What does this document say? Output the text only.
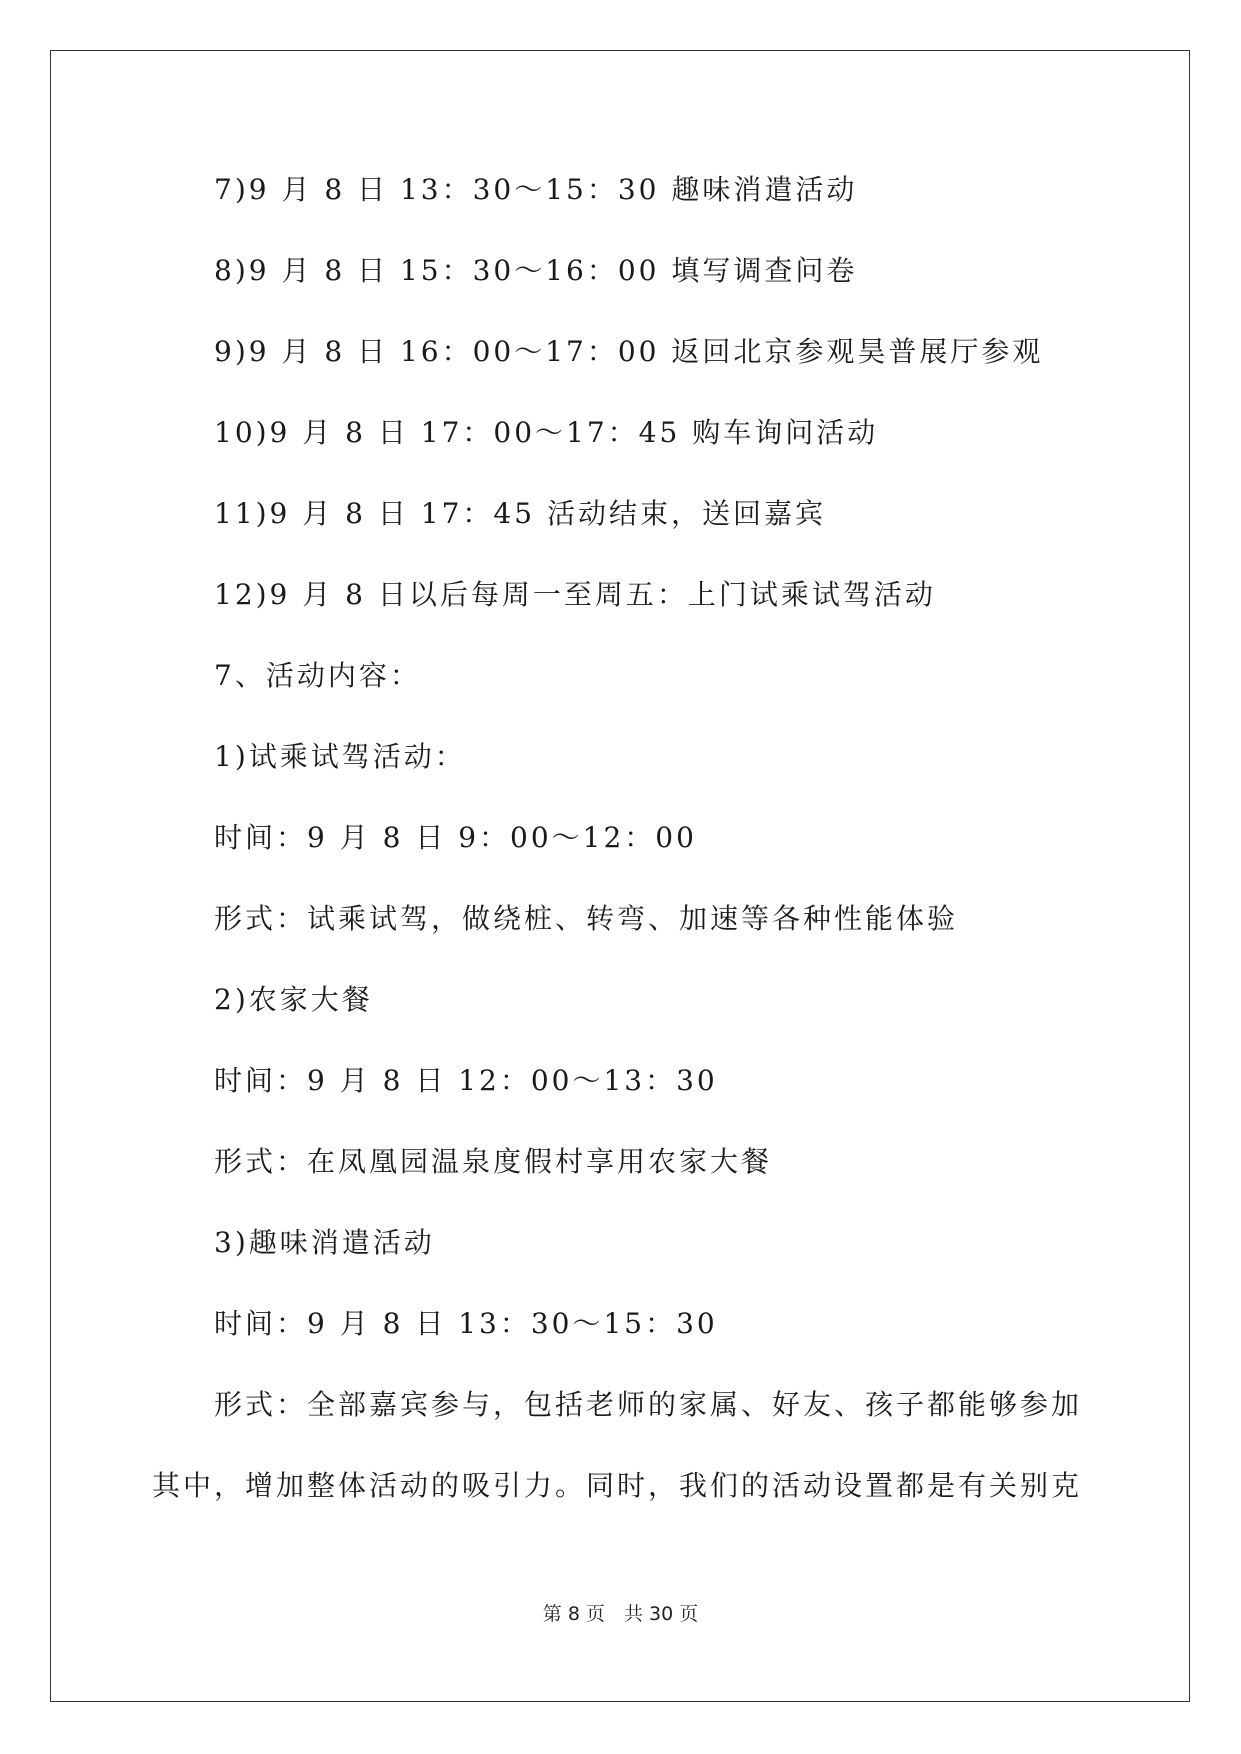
7)9 月 8 日 13：30～15：30 趣味消遣活动
8)9 月 8 日 15：30～16：00 填写调查问卷
9)9 月 8 日 16：00～17：00 返回北京参观昊普展厅参观
10)9 月 8 日 17：00～17：45 购车询问活动
11)9 月 8 日 17：45 活动结束，送回嘉宾
12)9 月 8 日以后每周一至周五：上门试乘试驾活动
7、活动内容：
1)试乘试驾活动：
时间：9 月 8 日 9：00～12：00
形式：试乘试驾，做绕桩、转弯、加速等各种性能体验
2)农家大餐
时间：9 月 8 日 12：00～13：30
形式：在凤凰园温泉度假村享用农家大餐
3)趣味消遣活动
时间：9 月 8 日 13：30～15：30
形式：全部嘉宾参与，包括老师的家属、好友、孩子都能够参加
其中，增加整体活动的吸引力。同时，我们的活动设置都是有关别克
第 8 页　共 30 页
